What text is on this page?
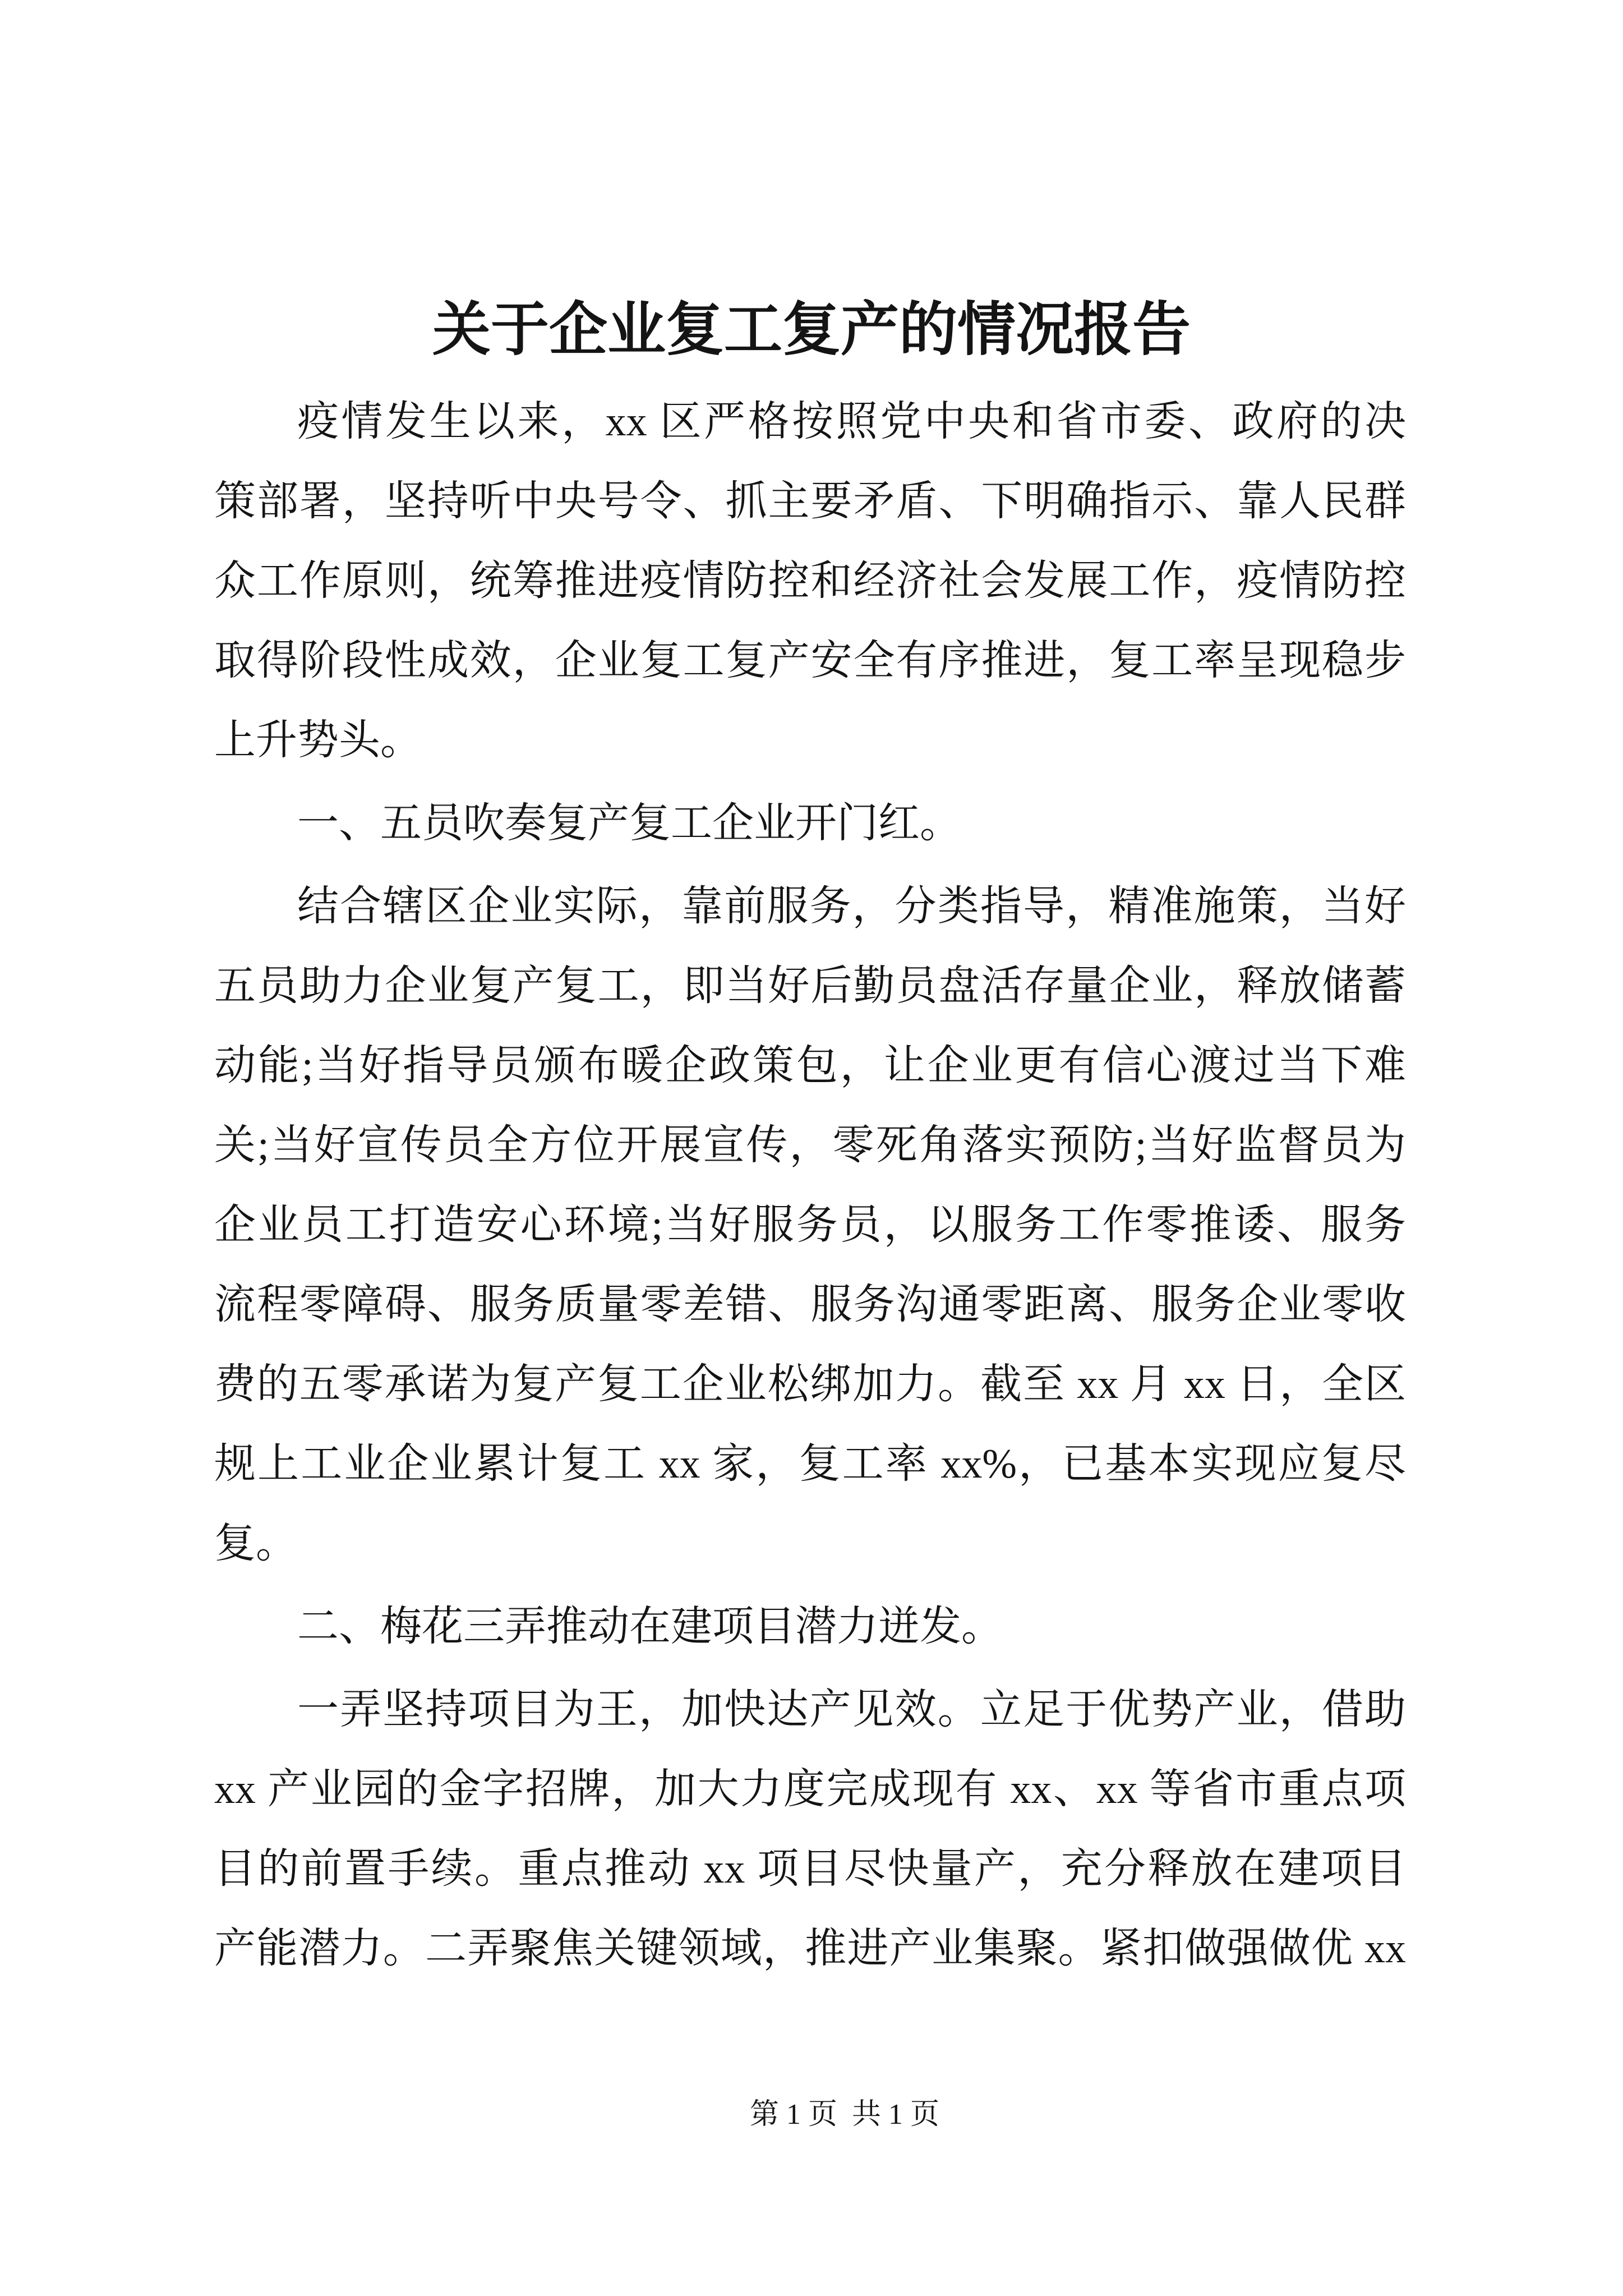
关于企业复工复产的情况报告
疫情发生以来，xx 区严格按照党中央和省市委、政府的决
策部署，坚持听中央号令、抓主要矛盾、下明确指示、靠人民群
众工作原则，统筹推进疫情防控和经济社会发展工作，疫情防控
取得阶段性成效，企业复工复产安全有序推进，复工率呈现稳步
上升势头。
一、五员吹奏复产复工企业开门红。
结合辖区企业实际，靠前服务，分类指导，精准施策，当好
五员助力企业复产复工，即当好后勤员盘活存量企业，释放储蓄
动能;当好指导员颁布暖企政策包，让企业更有信心渡过当下难
关;当好宣传员全方位开展宣传，零死角落实预防;当好监督员为
企业员工打造安心环境;当好服务员，以服务工作零推诿、服务
流程零障碍、服务质量零差错、服务沟通零距离、服务企业零收
费的五零承诺为复产复工企业松绑加力。截至 xx 月 xx 日，全区
规上工业企业累计复工 xx 家，复工率 xx%，已基本实现应复尽
复。
二、梅花三弄推动在建项目潜力迸发。
一弄坚持项目为王，加快达产见效。立足于优势产业，借助
xx 产业园的金字招牌，加大力度完成现有 xx、xx 等省市重点项
目的前置手续。重点推动 xx 项目尽快量产，充分释放在建项目
产能潜力。二弄聚焦关键领域，推进产业集聚。紧扣做强做优 xx
第 1 页  共 1 页
